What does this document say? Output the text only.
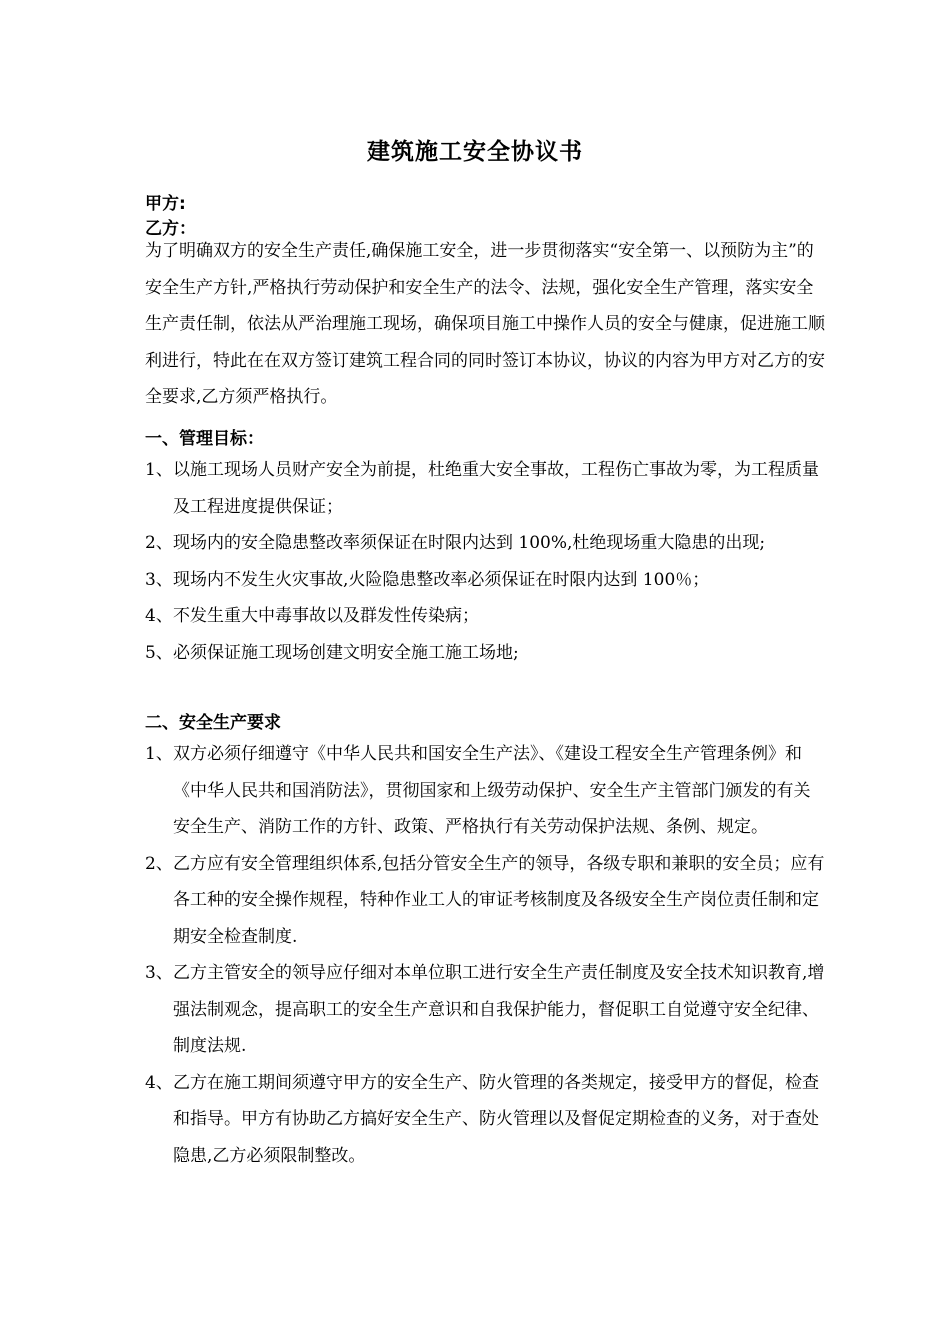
建筑施工安全协议书
甲方:
乙方：

为了明确双方的安全生产责任,确保施工安全，进一步贯彻落实“安全第一、以预防为主”的 安全生产方针,严格执行劳动保护和安全生产的法令、法规，强化安全生产管理，落实安全生产责任制，依法从严治理施工现场，确保项目施工中操作人员的安全与健康，促进施工顺利进行，特此在在双方签订建筑工程合同的同时签订本协议，协议的内容为甲方对乙方的安全要求,乙方须严格执行。

一、管理目标：
1、 以施工现场人员财产安全为前提，杜绝重大安全事故，工程伤亡事故为零，为工程质量及工程进度提供保证；
2、 现场内的安全隐患整改率须保证在时限内达到 100%,杜绝现场重大隐患的出现;
3、 现场内不发生火灾事故,火险隐患整改率必须保证在时限内达到 100％；
4、 不发生重大中毒事故以及群发性传染病；
5、 必须保证施工现场创建文明安全施工施工场地;
二、安全生产要求
1、 双方必须仔细遵守《中华人民共和国安全生产法》、《建设工程安全生产管理条例》和《中华人民共和国消防法》，贯彻国家和上级劳动保护、安全生产主管部门颁发的有关安全生产、消防工作的方针、政策、严格执行有关劳动保护法规、条例、规定。
2、 乙方应有安全管理组织体系,包括分管安全生产的领导，各级专职和兼职的安全员；应有各工种的安全操作规程，特种作业工人的审证考核制度及各级安全生产岗位责任制和定期安全检查制度.
3、 乙方主管安全的领导应仔细对本单位职工进行安全生产责任制度及安全技术知识教育,增强法制观念，提高职工的安全生产意识和自我保护能力，督促职工自觉遵守安全纪律、制度法规.
4、 乙方在施工期间须遵守甲方的安全生产、防火管理的各类规定，接受甲方的督促，检查和指导。甲方有协助乙方搞好安全生产、防火管理以及督促定期检查的义务，对于查处隐患,乙方必须限制整改。
